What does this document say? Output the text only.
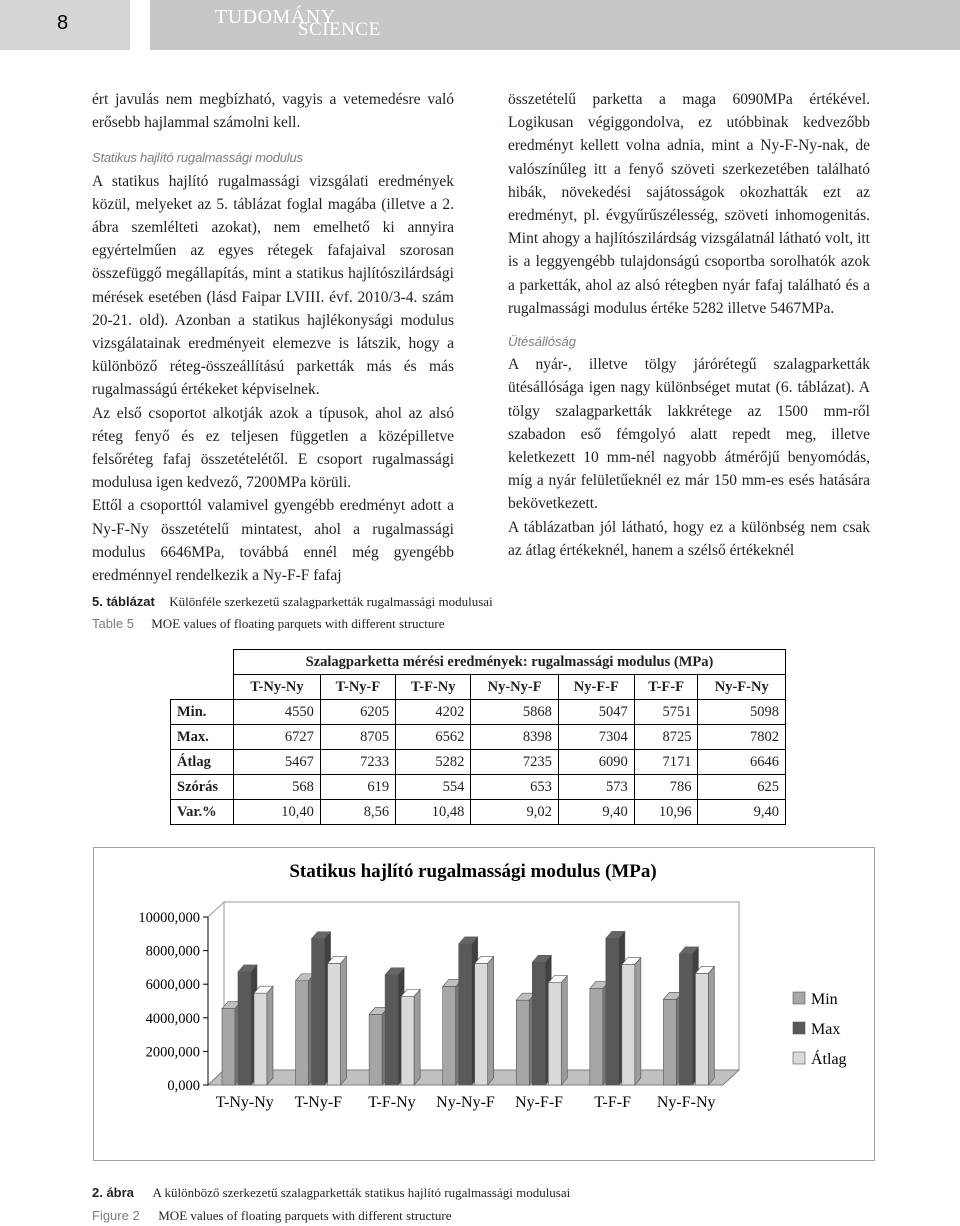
8	TUDOMÁNY
SCIENCE

ért javulás nem megbízható, vagyis a vetemedésre való erősebb hajlammal számolni kell.

Statikus hajlító rugalmassági modulus

A statikus hajlító rugalmassági vizsgálati eredmények közül, melyeket az 5. táblázat foglal magába (illetve a 2. ábra szemlélteti azokat), nem emelhető ki annyira egyértelműen az egyes rétegek fafajaival szorosan összefüggő megállapítás, mint a statikus hajlítószilárdsági mérések esetében (lásd Faipar LVIII. évf. 2010/3-4. szám 20-21. old). Azonban a statikus hajlékonysági modulus vizsgálatainak eredményeit elemezve is látszik, hogy a különböző réteg-összeállítású parketták más és más rugalmasságú értékeket képviselnek.

Az első csoportot alkotják azok a típusok, ahol az alsó réteg fenyő és ez teljesen független a középilletve felsőréteg fafaj összetételétől. E csoport rugalmassági modulusa igen kedvező, 7200MPa körüli.

Ettől a csoporttól valamivel gyengébb eredményt adott a Ny-F-Ny összetételű mintatest, ahol a rugalmassági modulus 6646MPa, továbbá ennél még gyengébb eredménnyel rendelkezik a Ny-F-F fafaj

összetételű parketta a maga 6090MPa értékével. Logikusan végiggondolva, ez utóbbinak kedvezőbb eredményt kellett volna adnia, mint a Ny-F-Ny-nak, de valószínűleg itt a fenyő szöveti szerkezetében található hibák, növekedési sajátosságok okozhatták ezt az eredményt, pl. évgyűrűszélesség, szöveti inhomogenitás. Mint ahogy a hajlítószilárdság vizsgálatnál látható volt, itt is a leggyengébb tulajdonságú csoportba sorolhatók azok a parketták, ahol az alsó rétegben nyár fafaj található és a rugalmassági modulus értéke 5282 illetve 5467MPa.

Ütésállóság

A nyár-, illetve tölgy járórétegű szalagparketták ütésállósága igen nagy különbséget mutat (6. táblázat). A tölgy szalagparketták lakkrétege az 1500 mm-ről szabadon eső fémgolyó alatt repedt meg, illetve keletkezett 10 mm-nél nagyobb átmérőjű benyomódás, míg a nyár felületűeknél ez már 150 mm-es esés hatására bekövetkezett.

A táblázatban jól látható, hogy ez a különbség nem csak az átlag értékeknél, hanem a szélső értékeknél

5. táblázat Különféle szerkezetű szalagparketták rugalmassági modulusai
Table 5 MOE values of floating parquets with different structure
	Szalagparketta mérési eredmények: rugalmassági modulus (MPa)						
	T-Ny-Ny	T-Ny-F	T-F-Ny	Ny-Ny-F	Ny-F-F	T-F-F	Ny-F-Ny
Min.	4550	6205	4202	5868	5047	5751	5098
Max.	6727	8705	6562	8398	7304	8725	7802
Átlag	5467	7233	5282	7235	6090	7171	6646
Szórás	568	619	554	653	573	786	625
Var.%	10,40	8,56	10,48	9,02	9,40	10,96	9,40
Statikus hajlító rugalmassági modulus (MPa)
0,000
2000,000
4000,000
6000,000
8000,000
10000,000
T-Ny-Ny T-Ny-F T-F-Ny Ny-Ny-F Ny-F-F T-F-F Ny-F-Ny
Min
Max
Átlag
2. ábra A különböző szerkezetű szalagparketták statikus hajlító rugalmassági modulusai
Figure 2 MOE values of floating parquets with different structure
